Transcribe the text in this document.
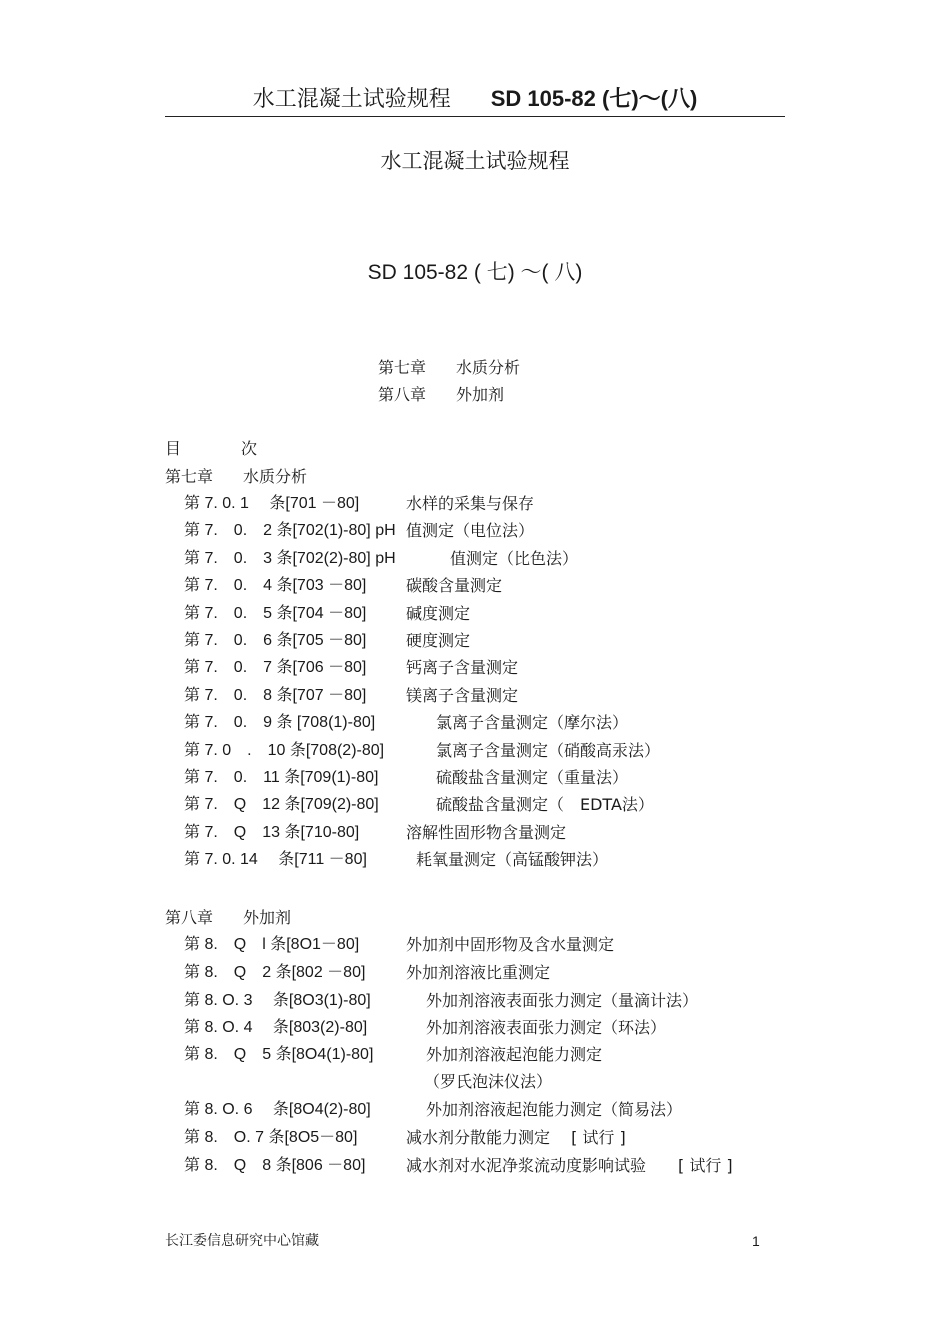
水工混凝土试验规程 SD 105-82 (七)～(八)
水工混凝土试验规程
SD 105-82 ( 七) ～( 八)
第七章 水质分析
第八章 外加剂
目	次
第七章 水质分析
第 7. 0. 1　 条[701 －80]	水样的采集与保存
第 7.　0.　2 条[702(1)-80] pH 值测定（电位法）
第 7.　0.　3 条[702(2)-80] pH	值测定（比色法）
第 7.　0.　4 条[703 －80] 碳酸含量测定
第 7.　0.　5 条[704 －80] 碱度测定
第 7.　0.　6 条[705 －80] 硬度测定
第 7.　0.　7 条[706 －80] 钙离子含量测定
第 7.　0.　8 条[707 －80] 镁离子含量测定
第 7.　0.　9 条 [708(1)-80]	氯离子含量测定（摩尔法）
第 7. 0　.　10 条[708(2)-80]	氯离子含量测定（硝酸高汞法）
第 7.　0.　11 条[709(1)-80]	硫酸盐含量测定（重量法）
第 7.　Q　12 条[709(2)-80]	硫酸盐含量测定（　EDTA法）
第 7.　Q　13 条[710-80]	溶解性固形物含量测定
第 7. 0. 14　 条[711 －80]	耗氧量测定（高锰酸钾法）
第八章 外加剂
第 8.　Q　l 条[8O1－80]	外加剂中固形物及含水量测定
第 8.　Q　2 条[802 －80]	外加剂溶液比重测定
第 8. O. 3　 条[8O3(1)-80]	外加剂溶液表面张力测定（量滴计法）
第 8. O. 4　 条[803(2)-80]	外加剂溶液表面张力测定（环法）
第 8.　Q　5 条[8O4(1)-80]	外加剂溶液起泡能力测定
（罗氏泡沫仪法）
第 8. O. 6　 条[8O4(2)-80]	外加剂溶液起泡能力测定（简易法）
第 8.　O. 7 条[8O5－80]	减水剂分散能力测定　 [ 试行 ]
第 8.　Q　8 条[806 －80]	减水剂对水泥净浆流动度影响试验　　[ 试行 ]
长江委信息研究中心馆藏	1
